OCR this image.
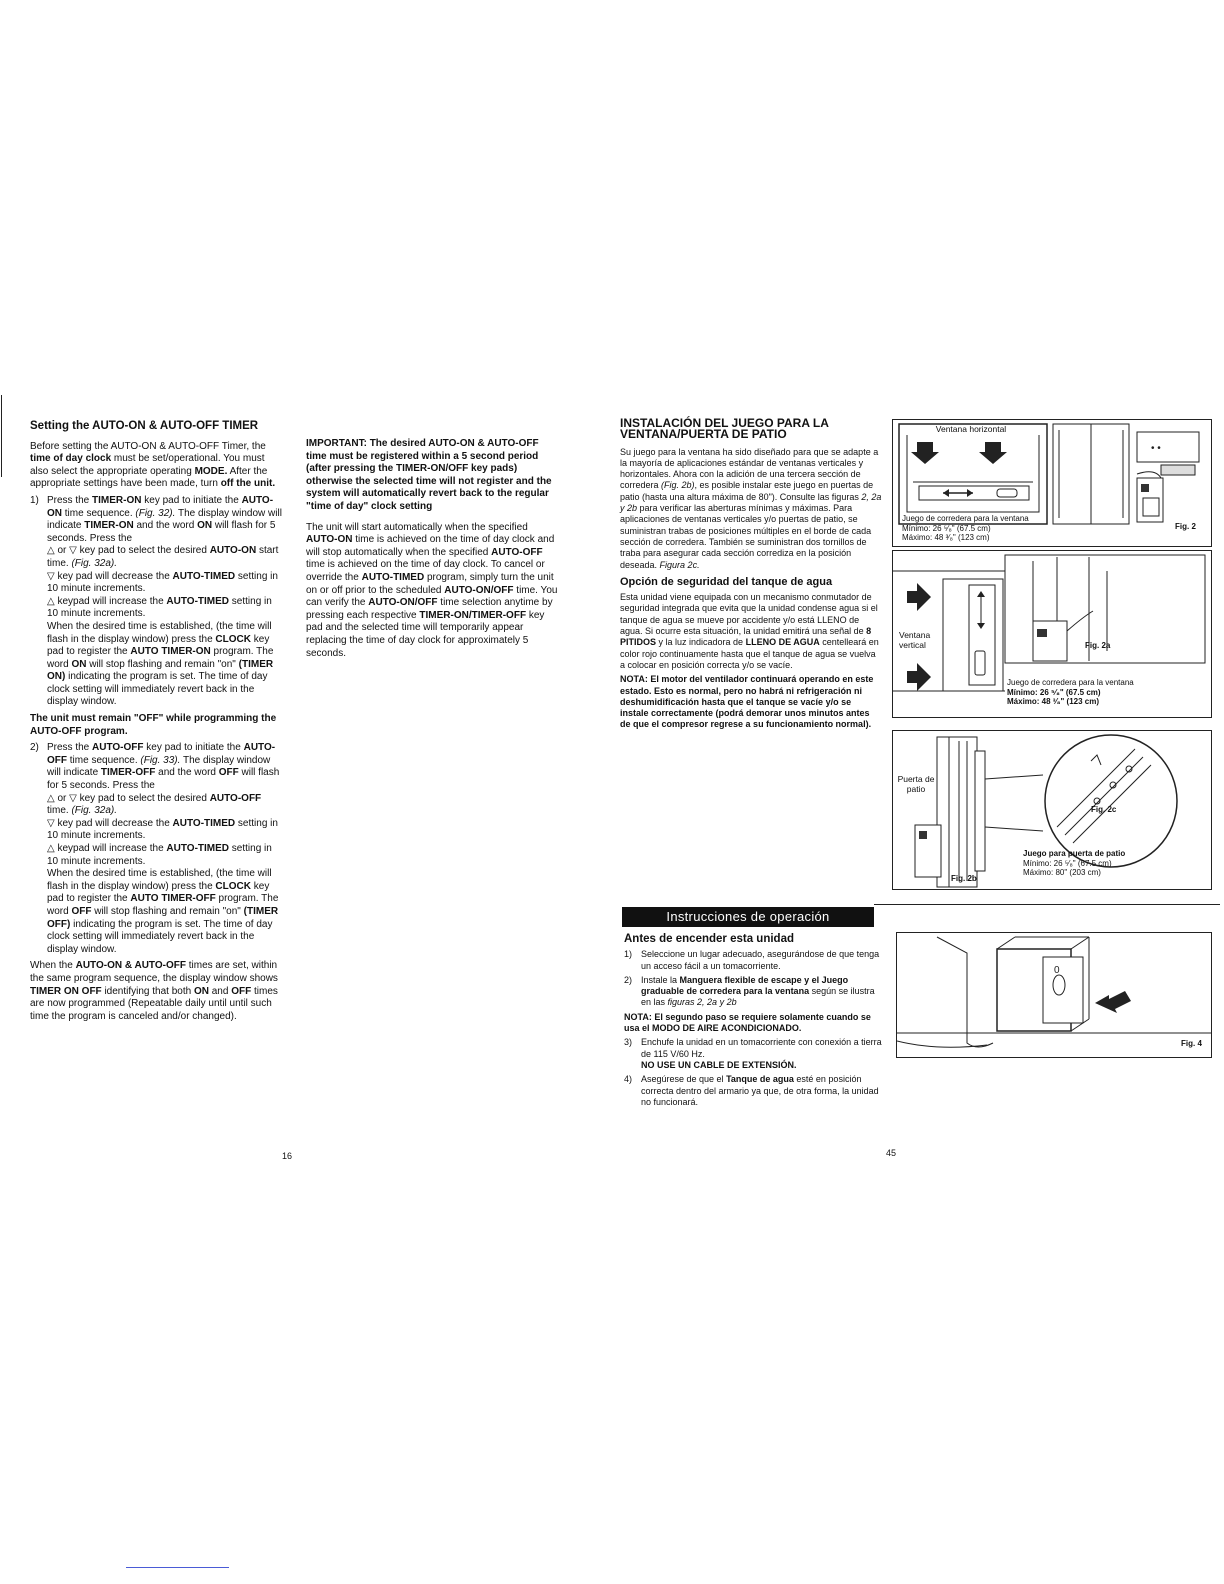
Setting the AUTO-ON & AUTO-OFF TIMER

Before setting the AUTO-ON & AUTO-OFF Timer, the time of day clock must be set/operational. You must also select the appropriate operating MODE. After the appropriate settings have been made, turn off the unit.

1) Press the TIMER-ON key pad to initiate the AUTO-ON time sequence. (Fig. 32). The display window will indicate TIMER-ON and the word ON will flash for 5 seconds. Press the
△ or ▽ key pad to select the desired AUTO-ON start time. (Fig. 32a).
▽ key pad will decrease the AUTO-TIMED setting in 10 minute increments.
△ keypad will increase the AUTO-TIMED setting in 10 minute increments.
When the desired time is established, (the time will flash in the display window) press the CLOCK key pad to register the AUTO TIMER-ON program. The word ON will stop flashing and remain "on" (TIMER ON) indicating the program is set. The time of day clock setting will immediately revert back in the display window.

The unit must remain "OFF" while programming the AUTO-OFF program.

2) Press the AUTO-OFF key pad to initiate the AUTO-OFF time sequence. (Fig. 33). The display window will indicate TIMER-OFF and the word OFF will flash for 5 seconds. Press the
△ or ▽ key pad to select the desired AUTO-OFF time. (Fig. 32a).
▽ key pad will decrease the AUTO-TIMED setting in 10 minute increments.
△ keypad will increase the AUTO-TIMED setting in 10 minute increments.
When the desired time is established, (the time will flash in the display window) press the CLOCK key pad to register the AUTO TIMER-OFF program. The word OFF will stop flashing and remain "on" (TIMER OFF) indicating the program is set. The time of day clock setting will immediately revert back in the display window.

When the AUTO-ON & AUTO-OFF times are set, within the same program sequence, the display window shows TIMER ON OFF identifying that both ON and OFF times are now programmed (Repeatable daily until until such time the program is canceled and/or changed).

IMPORTANT: The desired AUTO-ON & AUTO-OFF time must be registered within a 5 second period (after pressing the TIMER-ON/OFF key pads) otherwise the selected time will not register and the system will automatically revert back to the regular "time of day" clock setting

The unit will start automatically when the specified AUTO-ON time is achieved on the time of day clock and will stop automatically when the specified AUTO-OFF time is achieved on the time of day clock. To cancel or override the AUTO-TIMED program, simply turn the unit on or off prior to the scheduled AUTO-ON/OFF time. You can verify the AUTO-ON/OFF time selection anytime by pressing each respective TIMER-ON/TIMER-OFF key pad and the selected time will temporarily appear replacing the time of day clock for approximately 5 seconds.

16
INSTALACIÓN DEL JUEGO PARA LA VENTANA/PUERTA DE PATIO

Su juego para la ventana ha sido diseñado para que se adapte a la mayoría de aplicaciones estándar de ventanas verticales y horizontales. Ahora con la adición de una tercera sección de corredera (Fig. 2b), es posible instalar este juego en puertas de patio (hasta una altura máxima de 80"). Consulte las figuras 2, 2a y 2b para verificar las aberturas mínimas y máximas. Para aplicaciones de ventanas verticales y/o puertas de patio, se suministran trabas de posiciones múltiples en el borde de cada sección de corredera. También se suministran dos tornillos de traba para asegurar cada sección corrediza en la posición deseada. Figura 2c.

Opción de seguridad del tanque de agua

Esta unidad viene equipada con un mecanismo conmutador de seguridad integrada que evita que la unidad condense agua si el tanque de agua se mueve por accidente y/o está LLENO de agua. Si ocurre esta situación, la unidad emitirá una señal de 8 PITIDOS y la luz indicadora de LLENO DE AGUA centelleará en color rojo continuamente hasta que el tanque de agua se vuelva a colocar en posición correcta y/o se vacíe.

NOTA: El motor del ventilador continuará operando en este estado. Esto es normal, pero no habrá ni refrigeración ni deshumidificación hasta que el tanque se vacíe y/o se instale correctamente (podrá demorar unos minutos antes de que el compresor regrese a su funcionamiento normal).

• •
Ventana horizontal
Juego de corredera para la ventana
Mínimo: 26 ⁵⁄₈" (67.5 cm)
Máximo: 48 ³⁄₈" (123 cm)
Fig. 2
Ventana vertical	Fig. 2a
Juego de corredera para la ventana
Mínimo: 26 ⁵⁄₈" (67.5 cm)
Máximo: 48 ³⁄₈" (123 cm)
Puerta de patio
Fig. 2c
Fig. 2b
Juego para puerta de patio
Mínimo: 26 ⁵⁄₈" (67.5 cm)
Máximo: 80" (203 cm)
Instrucciones de operación
Antes de encender esta unidad
1) Seleccione un lugar adecuado, asegurándose de que tenga un acceso fácil a un tomacorriente.
2) Instale la Manguera flexible de escape y el Juego graduable de corredera para la ventana según se ilustra en las figuras 2, 2a y 2b

NOTA: El segundo paso se requiere solamente cuando se usa el MODO DE AIRE ACONDICIONADO.

3) Enchufe la unidad en un tomacorriente con conexión a tierra de 115 V/60 Hz.
NO USE UN CABLE DE EXTENSIÓN.
4) Asegúrese de que el Tanque de agua esté en posición correcta dentro del armario ya que, de otra forma, la unidad no funcionará.
0
Fig. 4
45
